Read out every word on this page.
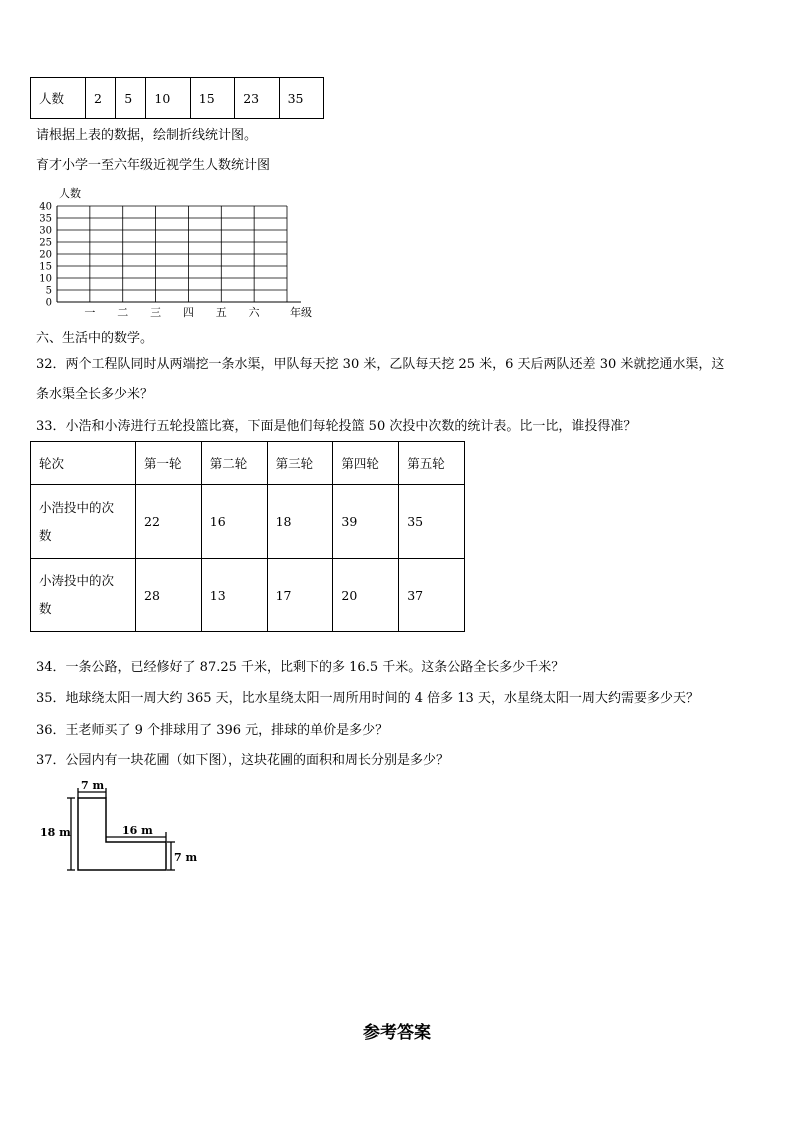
人数	2	5	10	15	23	35
请根据上表的数据，绘制折线统计图。
育才小学一至六年级近视学生人数统计图
0
5
10
15
20
25
30
35
40
一 二 三 四 五 六
人数
年级
六、生活中的数学。
32．两个工程队同时从两端挖一条水渠，甲队每天挖 30 米，乙队每天挖 25 米，6 天后两队还差 30 米就挖通水渠，这
条水渠全长多少米？
33．小浩和小涛进行五轮投篮比赛，下面是他们每轮投篮 50 次投中次数的统计表。比一比，谁投得准？
轮次	第一轮	第二轮	第三轮	第四轮	第五轮
小浩投中的次
数	22	16	18	39	35
小涛投中的次
数	28	13	17	20	37
34．一条公路，已经修好了 87.25 千米，比剩下的多 16.5 千米。这条公路全长多少千米？
35．地球绕太阳一周大约 365 天，比水星绕太阳一周所用时间的 4 倍多 13 天，水星绕太阳一周大约需要多少天？
36．王老师买了 9 个排球用了 396 元，排球的单价是多少？
37．公园内有一块花圃（如下图），这块花圃的面积和周长分别是多少？
7 m
18 m	16 m
7 m
参考答案
